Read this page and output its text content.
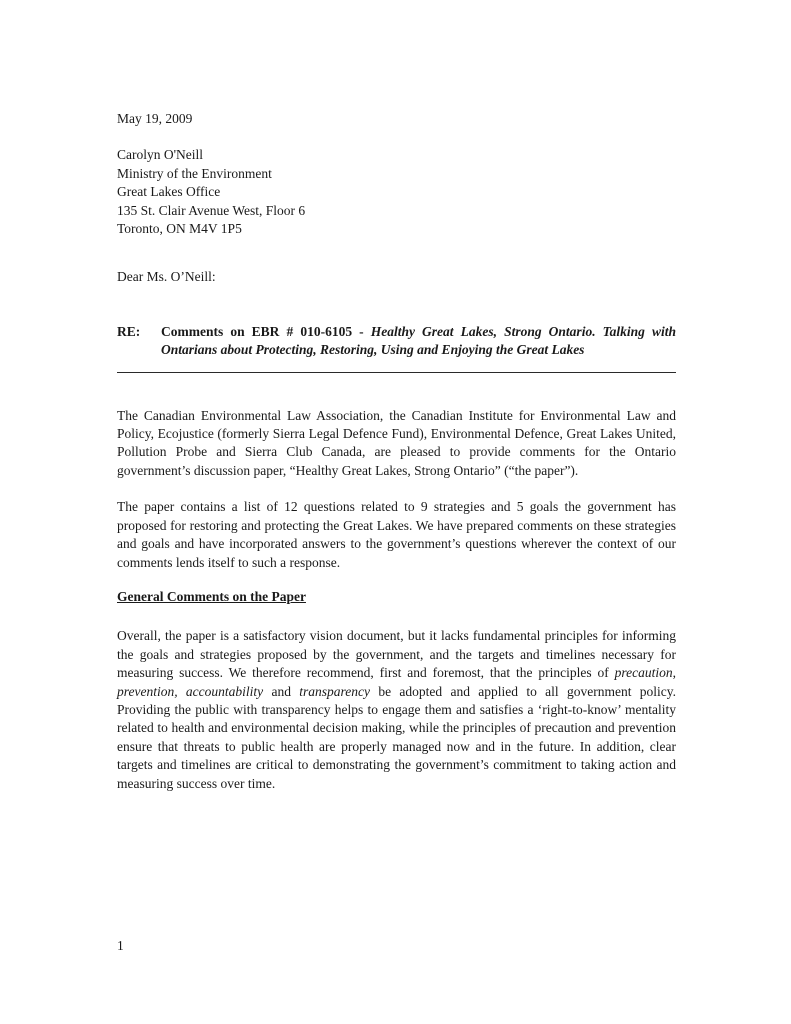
May 19, 2009
Carolyn O'Neill
Ministry of the Environment
Great Lakes Office
135 St. Clair Avenue West, Floor 6
Toronto, ON M4V 1P5
Dear Ms. O’Neill:
RE: Comments on EBR # 010-6105 - Healthy Great Lakes, Strong Ontario. Talking with Ontarians about Protecting, Restoring, Using and Enjoying the Great Lakes

The Canadian Environmental Law Association, the Canadian Institute for Environmental Law and Policy, Ecojustice (formerly Sierra Legal Defence Fund), Environmental Defence, Great Lakes United, Pollution Probe and Sierra Club Canada, are pleased to provide comments for the Ontario government’s discussion paper, “Healthy Great Lakes, Strong Ontario” (“the paper”).

The paper contains a list of 12 questions related to 9 strategies and 5 goals the government has proposed for restoring and protecting the Great Lakes. We have prepared comments on these strategies and goals and have incorporated answers to the government’s questions wherever the context of our comments lends itself to such a response.

General Comments on the Paper

Overall, the paper is a satisfactory vision document, but it lacks fundamental principles for informing the goals and strategies proposed by the government, and the targets and timelines necessary for measuring success. We therefore recommend, first and foremost, that the principles of precaution, prevention, accountability and transparency be adopted and applied to all government policy. Providing the public with transparency helps to engage them and satisfies a ‘right-to-know’ mentality related to health and environmental decision making, while the principles of precaution and prevention ensure that threats to public health are properly managed now and in the future. In addition, clear targets and timelines are critical to demonstrating the government’s commitment to taking action and measuring success over time.

1
